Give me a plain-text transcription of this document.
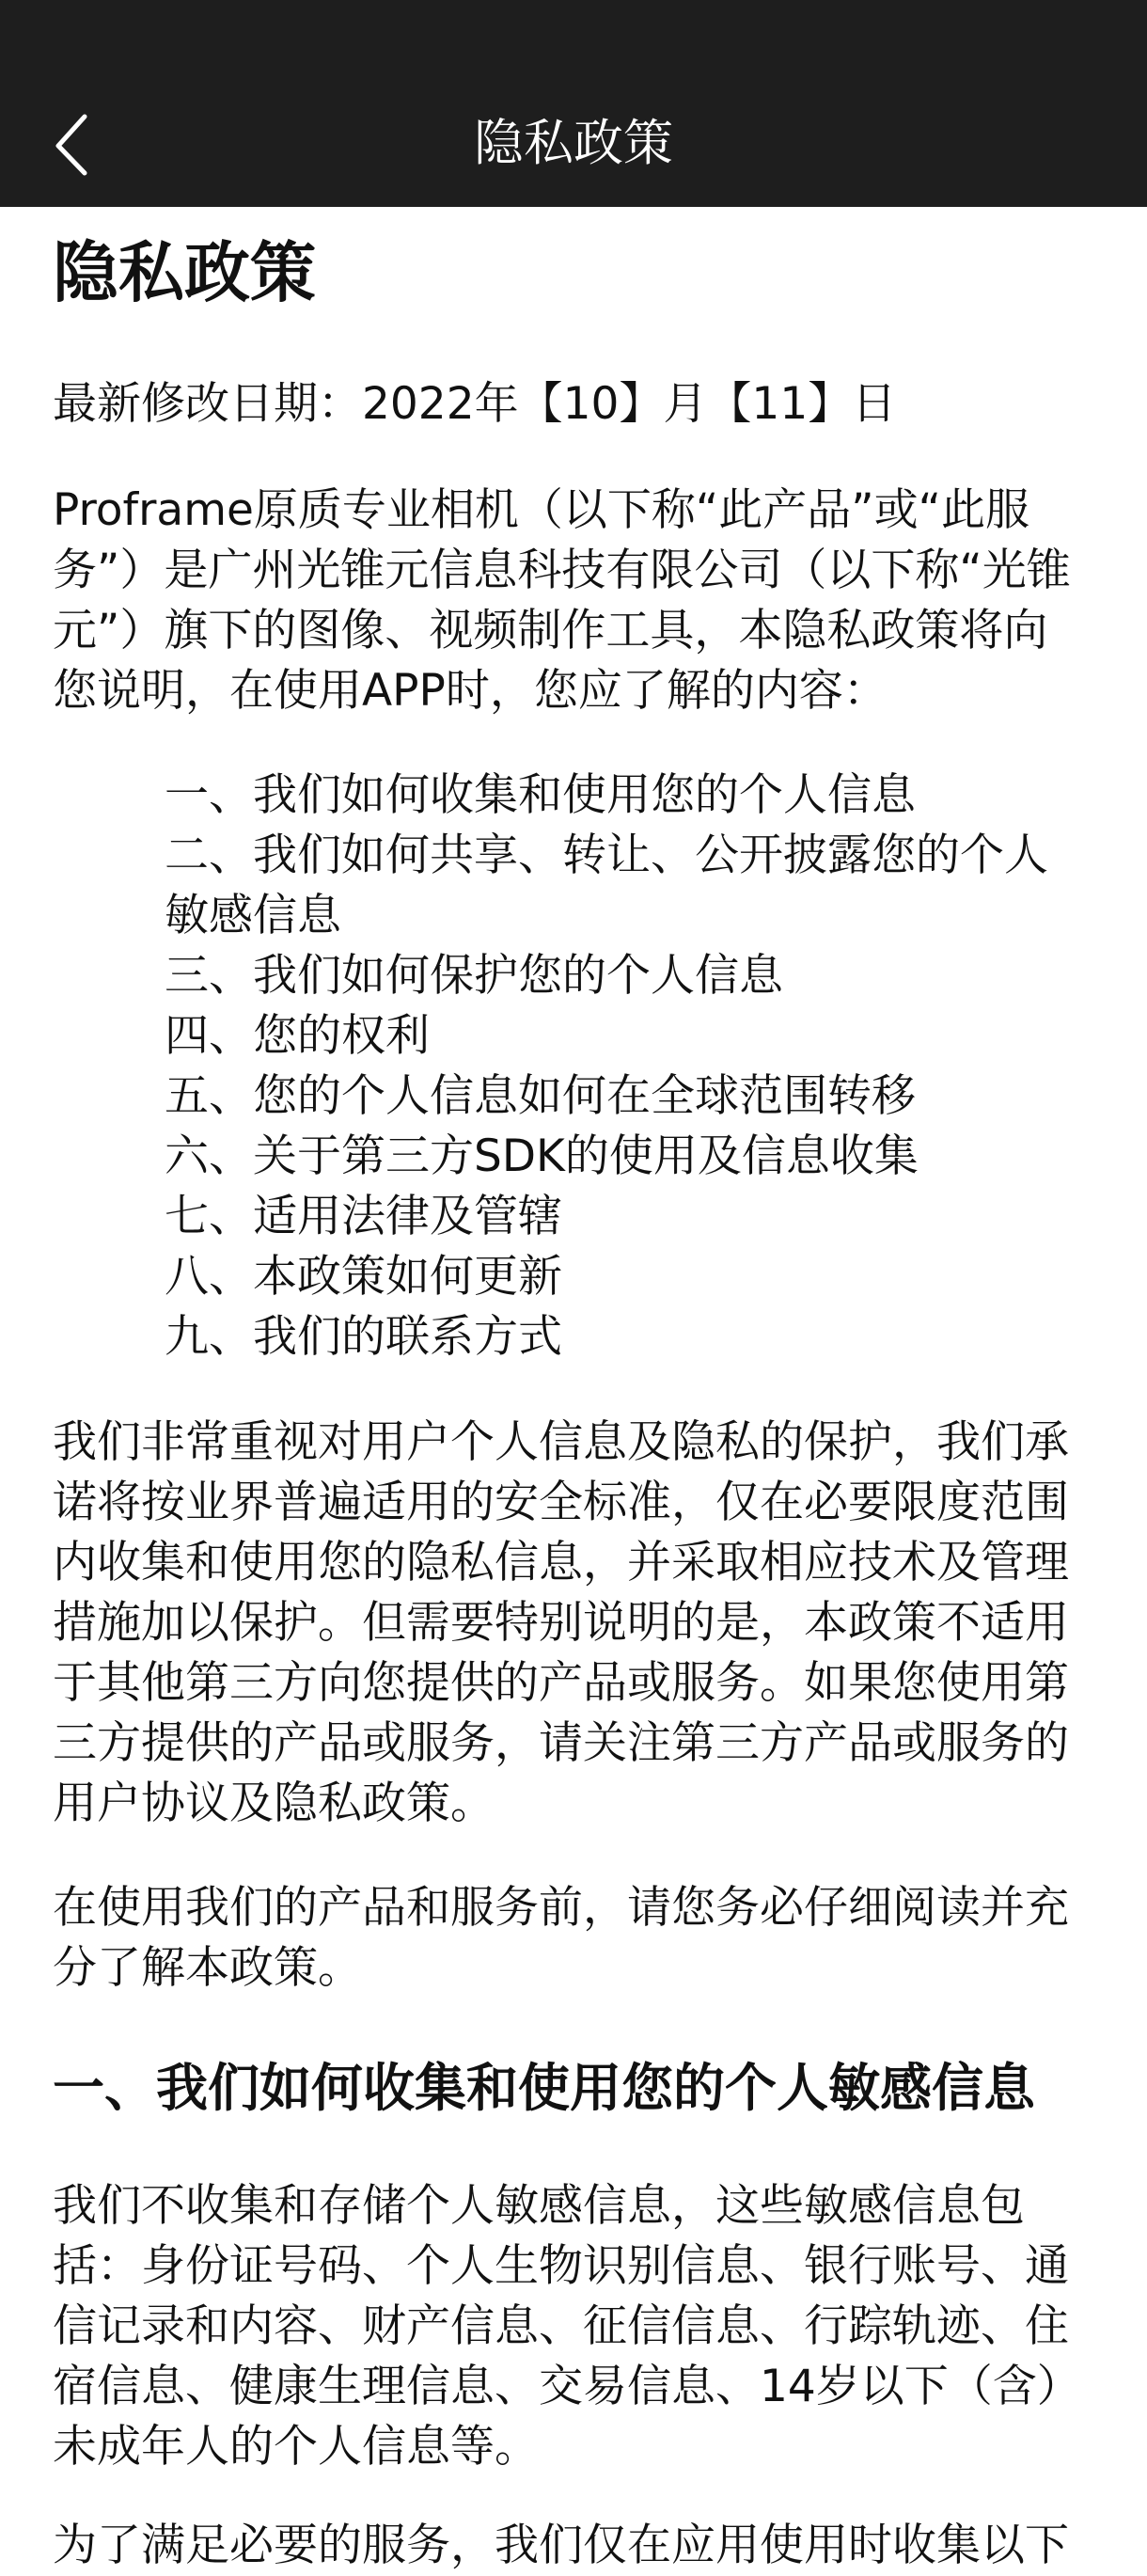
隐私政策
隐私政策
最新修改日期：2022年【10】月【11】日
Proframe原质专业相机（以下称“此产品”或“此服
务”）是广州光锥元信息科技有限公司（以下称“光锥
元”）旗下的图像、视频制作工具，本隐私政策将向
您说明，在使用APP时，您应了解的内容：
一、我们如何收集和使用您的个人信息
二、我们如何共享、转让、公开披露您的个人
敏感信息
三、我们如何保护您的个人信息
四、您的权利
五、您的个人信息如何在全球范围转移
六、关于第三方SDK的使用及信息收集
七、适用法律及管辖
八、本政策如何更新
九、我们的联系方式
我们非常重视对用户个人信息及隐私的保护，我们承
诺将按业界普遍适用的安全标准，仅在必要限度范围
内收集和使用您的隐私信息，并采取相应技术及管理
措施加以保护。但需要特别说明的是，本政策不适用
于其他第三方向您提供的产品或服务。如果您使用第
三方提供的产品或服务，请关注第三方产品或服务的
用户协议及隐私政策。
在使用我们的产品和服务前，请您务必仔细阅读并充
分了解本政策。
一、我们如何收集和使用您的个人敏感信息
我们不收集和存储个人敏感信息，这些敏感信息包
括：身份证号码、个人生物识别信息、银行账号、通
信记录和内容、财产信息、征信信息、行踪轨迹、住
宿信息、健康生理信息、交易信息、14岁以下（含）
未成年人的个人信息等。
为了满足必要的服务，我们仅在应用使用时收集以下
